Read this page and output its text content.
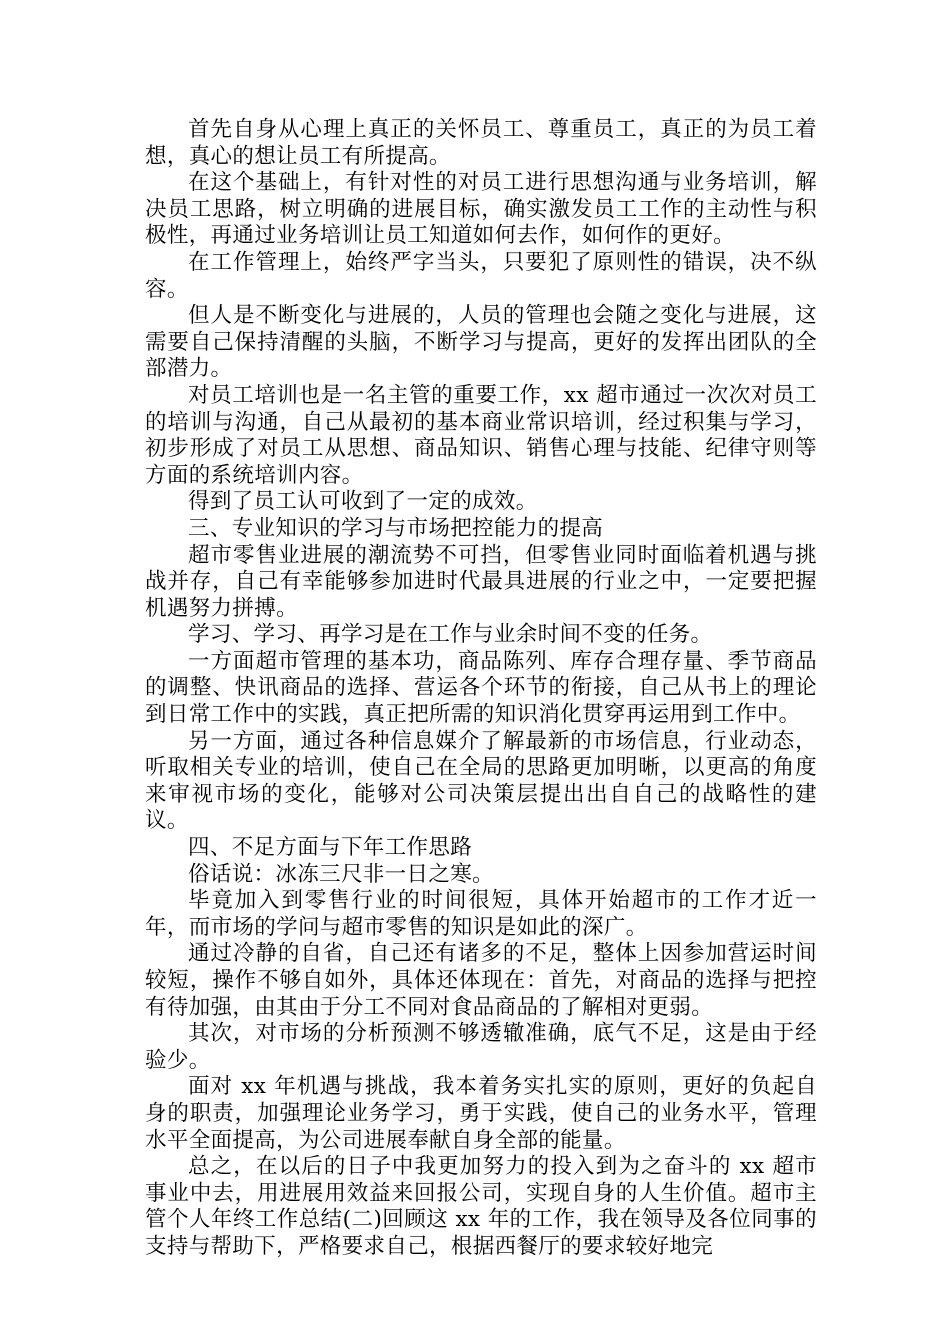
首先自身从心理上真正的关怀员工、尊重员工，真正的为员工着想，真心的想让员工有所提高。

在这个基础上，有针对性的对员工进行思想沟通与业务培训，解决员工思路，树立明确的进展目标，确实激发员工工作的主动性与积极性，再通过业务培训让员工知道如何去作，如何作的更好。

在工作管理上，始终严字当头，只要犯了原则性的错误，决不纵容。

但人是不断变化与进展的，人员的管理也会随之变化与进展，这需要自己保持清醒的头脑，不断学习与提高，更好的发挥出团队的全部潜力。

对员工培训也是一名主管的重要工作，xx 超市通过一次次对员工的培训与沟通，自己从最初的基本商业常识培训，经过积集与学习，初步形成了对员工从思想、商品知识、销售心理与技能、纪律守则等方面的系统培训内容。

得到了员工认可收到了一定的成效。

三、专业知识的学习与市场把控能力的提高

超市零售业进展的潮流势不可挡，但零售业同时面临着机遇与挑战并存，自己有幸能够参加进时代最具进展的行业之中，一定要把握机遇努力拼搏。

学习、学习、再学习是在工作与业余时间不变的任务。

一方面超市管理的基本功，商品陈列、库存合理存量、季节商品的调整、快讯商品的选择、营运各个环节的衔接，自己从书上的理论到日常工作中的实践，真正把所需的知识消化贯穿再运用到工作中。

另一方面，通过各种信息媒介了解最新的市场信息，行业动态，听取相关专业的培训，使自己在全局的思路更加明晰，以更高的角度来审视市场的变化，能够对公司决策层提出出自自己的战略性的建议。

四、不足方面与下年工作思路

俗话说：冰冻三尺非一日之寒。

毕竟加入到零售行业的时间很短，具体开始超市的工作才近一年，而市场的学问与超市零售的知识是如此的深广。

通过冷静的自省，自己还有诸多的不足，整体上因参加营运时间较短，操作不够自如外，具体还体现在：首先，对商品的选择与把控有待加强，由其由于分工不同对食品商品的了解相对更弱。

其次，对市场的分析预测不够透辙准确，底气不足，这是由于经验少。

面对 xx 年机遇与挑战，我本着务实扎实的原则，更好的负起自身的职责，加强理论业务学习，勇于实践，使自己的业务水平，管理水平全面提高，为公司进展奉献自身全部的能量。

总之，在以后的日子中我更加努力的投入到为之奋斗的 xx 超市事业中去，用进展用效益来回报公司，实现自身的人生价值。超市主管个人年终工作总结(二)回顾这 xx 年的工作，我在领导及各位同事的支持与帮助下，严格要求自己，根据西餐厅的要求较好地完
